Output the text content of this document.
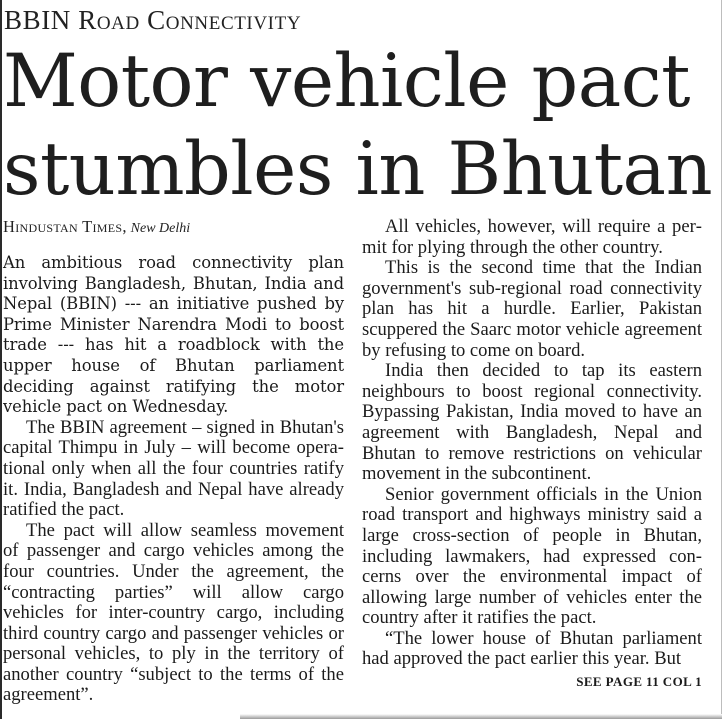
BBIN Road Connectivity
Motor vehicle pact stumbles in Bhutan
Hindustan Times, New Delhi

An ambitious road connectivity plan involving Bangladesh, Bhutan, India and Nepal (BBIN) --- an initiative pushed by Prime Minister Narendra Modi to boost trade --- has hit a roadblock with the upper house of Bhutan parliament deciding against ratifying the motor vehicle pact on Wednesday.

The BBIN agreement – signed in Bhutan's capital Thimpu in July – will become operational only when all the four countries ratify it. India, Bangladesh and Nepal have already ratified the pact.

The pact will allow seamless movement of passenger and cargo vehicles among the four countries. Under the agreement, the “contracting parties” will allow cargo vehicles for inter-country cargo, including third country cargo and passenger vehicles or personal vehicles, to ply in the territory of another country “subject to the terms of the agreement”.

All vehicles, however, will require a permit for plying through the other country.

This is the second time that the Indian government's sub-regional road connectivity plan has hit a hurdle. Earlier, Pakistan scuppered the Saarc motor vehicle agreement by refusing to come on board.

India then decided to tap its eastern neighbours to boost regional connectivity. Bypassing Pakistan, India moved to have an agreement with Bangladesh, Nepal and Bhutan to remove restrictions on vehicular movement in the subcontinent.

Senior government officials in the Union road transport and highways ministry said a large cross-section of people in Bhutan, including lawmakers, had expressed concerns over the environmental impact of allowing large number of vehicles enter the country after it ratifies the pact.

“The lower house of Bhutan parliament had approved the pact earlier this year. But

SEE PAGE 11 COL 1
